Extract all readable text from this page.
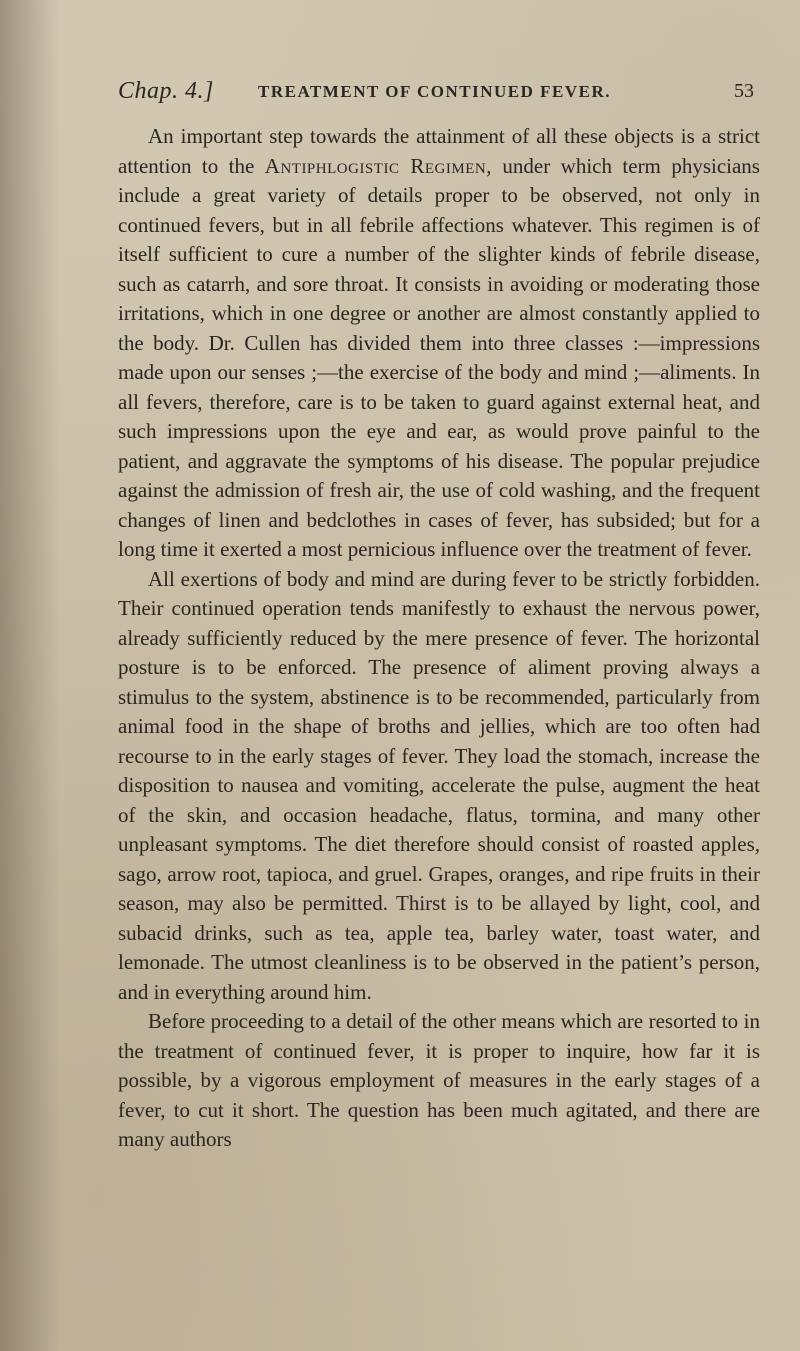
Chap. 4.]	TREATMENT OF CONTINUED FEVER.	53

An important step towards the attainment of all these objects is a strict attention to the Antiphlogistic Regimen, under which term physicians include a great variety of details proper to be observed, not only in continued fevers, but in all febrile affections whatever. This regimen is of itself sufficient to cure a number of the slighter kinds of febrile disease, such as catarrh, and sore throat. It consists in avoiding or moderating those irritations, which in one degree or another are almost constantly applied to the body. Dr. Cullen has divided them into three classes :—impressions made upon our senses ;—the exercise of the body and mind ;—aliments. In all fevers, therefore, care is to be taken to guard against external heat, and such impressions upon the eye and ear, as would prove painful to the patient, and aggravate the symptoms of his disease. The popular prejudice against the admission of fresh air, the use of cold washing, and the frequent changes of linen and bedclothes in cases of fever, has subsided; but for a long time it exerted a most pernicious influence over the treatment of fever.

All exertions of body and mind are during fever to be strictly forbidden. Their continued operation tends manifestly to exhaust the nervous power, already sufficiently reduced by the mere presence of fever. The horizontal posture is to be enforced. The presence of aliment proving always a stimulus to the system, abstinence is to be recommended, particularly from animal food in the shape of broths and jellies, which are too often had recourse to in the early stages of fever. They load the stomach, increase the disposition to nausea and vomiting, accelerate the pulse, augment the heat of the skin, and occasion headache, flatus, tormina, and many other unpleasant symptoms. The diet therefore should consist of roasted apples, sago, arrow root, tapioca, and gruel. Grapes, oranges, and ripe fruits in their season, may also be permitted. Thirst is to be allayed by light, cool, and subacid drinks, such as tea, apple tea, barley water, toast water, and lemonade. The utmost cleanliness is to be observed in the patient’s person, and in everything around him.

Before proceeding to a detail of the other means which are resorted to in the treatment of continued fever, it is proper to inquire, how far it is possible, by a vigorous employment of measures in the early stages of a fever, to cut it short. The question has been much agitated, and there are many authors
